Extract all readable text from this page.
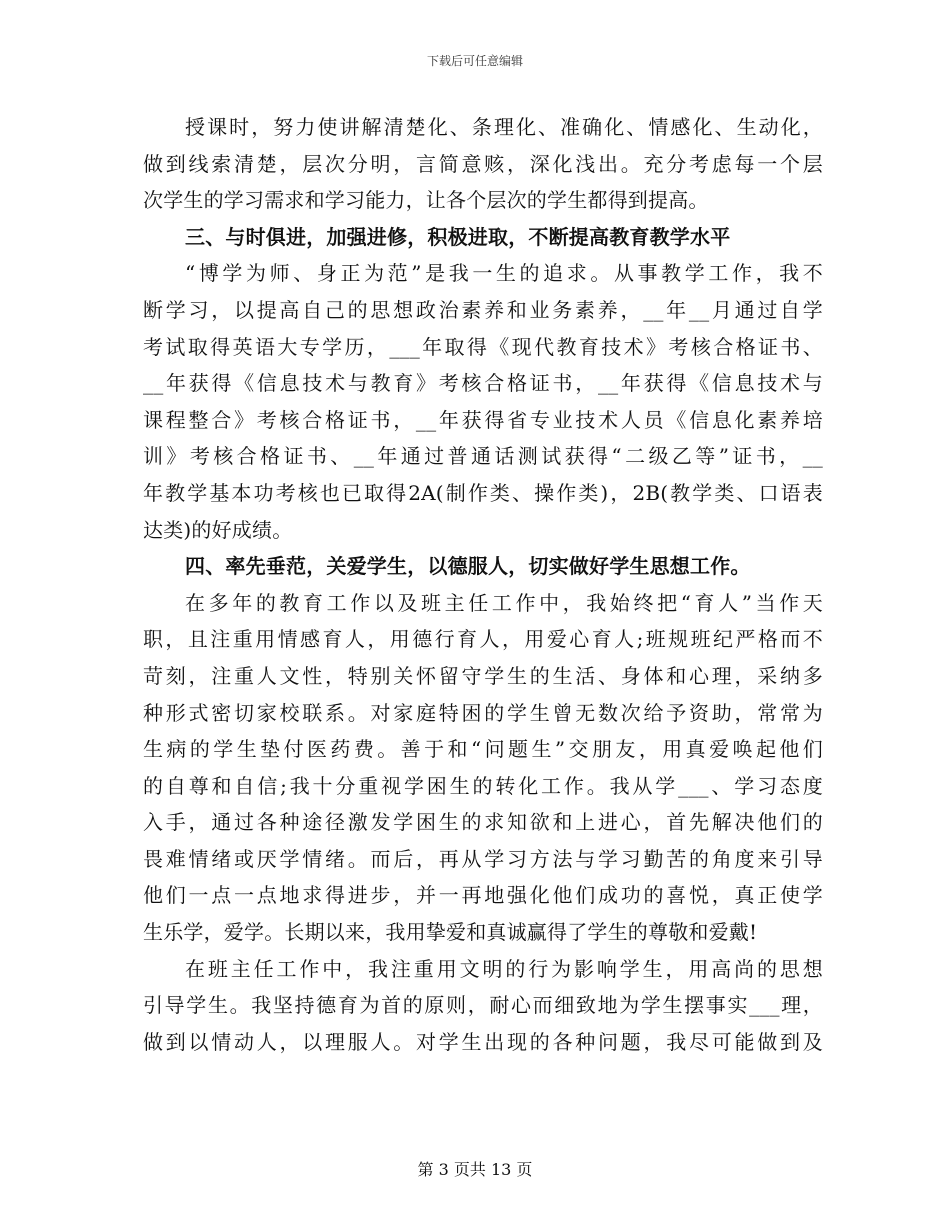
下载后可任意编辑
授课时，努力使讲解清楚化、条理化、准确化、情感化、生动化，
做到线索清楚，层次分明，言简意赅，深化浅出。充分考虑每一个层
次学生的学习需求和学习能力，让各个层次的学生都得到提高。
三、与时俱进，加强进修，积极进取，不断提高教育教学水平
“博学为师、身正为范”是我一生的追求。从事教学工作，我不
断学习，以提高自己的思想政治素养和业务素养，__年__月通过自学
考试取得英语大专学历，___年取得《现代教育技术》考核合格证书、
__年获得《信息技术与教育》考核合格证书，__年获得《信息技术与
课程整合》考核合格证书，__年获得省专业技术人员《信息化素养培
训》考核合格证书、__年通过普通话测试获得“二级乙等”证书，__
年教学基本功考核也已取得2A(制作类、操作类)，2B(教学类、口语表
达类)的好成绩。
四、率先垂范，关爱学生，以德服人，切实做好学生思想工作。
在多年的教育工作以及班主任工作中，我始终把“育人”当作天
职，且注重用情感育人，用德行育人，用爱心育人;班规班纪严格而不
苛刻，注重人文性，特别关怀留守学生的生活、身体和心理，采纳多
种形式密切家校联系。对家庭特困的学生曾无数次给予资助，常常为
生病的学生垫付医药费。善于和“问题生”交朋友，用真爱唤起他们
的自尊和自信;我十分重视学困生的转化工作。我从学___、学习态度
入手，通过各种途径激发学困生的求知欲和上进心，首先解决他们的
畏难情绪或厌学情绪。而后，再从学习方法与学习勤苦的角度来引导
他们一点一点地求得进步，并一再地强化他们成功的喜悦，真正使学
生乐学，爱学。长期以来，我用挚爱和真诚赢得了学生的尊敬和爱戴!
在班主任工作中，我注重用文明的行为影响学生，用高尚的思想
引导学生。我坚持德育为首的原则，耐心而细致地为学生摆事实___理，
做到以情动人，以理服人。对学生出现的各种问题，我尽可能做到及
第 3 页共 13 页
